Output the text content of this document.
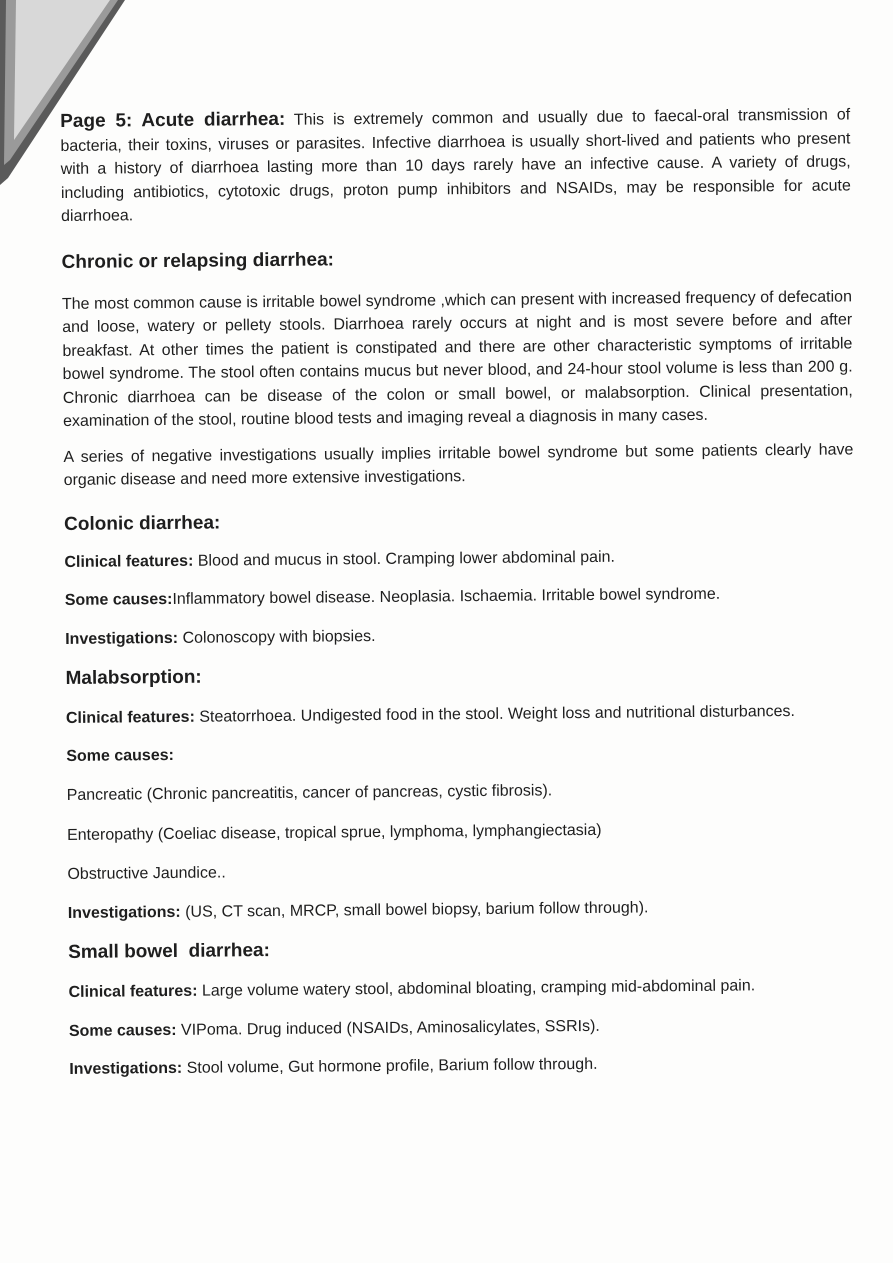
Page 5: Acute diarrhea: This is extremely common and usually due to faecal-oral transmission of bacteria, their toxins, viruses or parasites. Infective diarrhoea is usually short-lived and patients who present with a history of diarrhoea lasting more than 10 days rarely have an infective cause. A variety of drugs, including antibiotics, cytotoxic drugs, proton pump inhibitors and NSAIDs, may be responsible for acute diarrhoea.

Chronic or relapsing diarrhea:

The most common cause is irritable bowel syndrome ,which can present with increased frequency of defecation and loose, watery or pellety stools. Diarrhoea rarely occurs at night and is most severe before and after breakfast. At other times the patient is constipated and there are other characteristic symptoms of irritable bowel syndrome. The stool often contains mucus but never blood, and 24-hour stool volume is less than 200 g. Chronic diarrhoea can be disease of the colon or small bowel, or malabsorption. Clinical presentation, examination of the stool, routine blood tests and imaging reveal a diagnosis in many cases.

A series of negative investigations usually implies irritable bowel syndrome but some patients clearly have organic disease and need more extensive investigations.

Colonic diarrhea:

Clinical features: Blood and mucus in stool. Cramping lower abdominal pain.

Some causes:Inflammatory bowel disease. Neoplasia. Ischaemia. Irritable bowel syndrome.

Investigations: Colonoscopy with biopsies.

Malabsorption:

Clinical features: Steatorrhoea. Undigested food in the stool. Weight loss and nutritional disturbances.

Some causes:

Pancreatic (Chronic pancreatitis, cancer of pancreas, cystic fibrosis).

Enteropathy (Coeliac disease, tropical sprue, lymphoma, lymphangiectasia)

Obstructive Jaundice..

Investigations: (US, CT scan, MRCP, small bowel biopsy, barium follow through).

Small bowel  diarrhea:

Clinical features: Large volume watery stool, abdominal bloating, cramping mid-abdominal pain.

Some causes: VIPoma. Drug induced (NSAIDs, Aminosalicylates, SSRIs).

Investigations: Stool volume, Gut hormone profile, Barium follow through.
